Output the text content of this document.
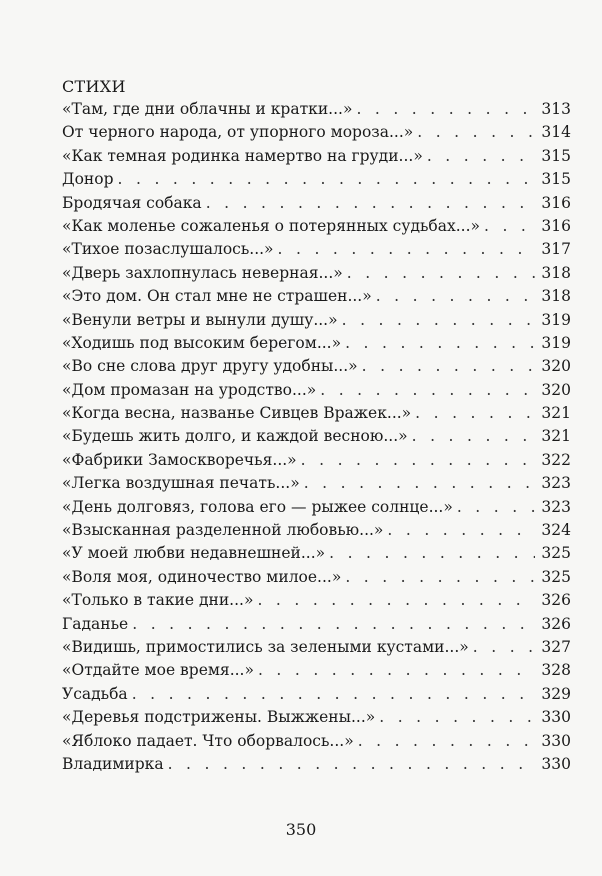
СТИХИ
«Там, где дни облачны и кратки...» . . .	313
От черного народа, от упорного мороза...» . . .	314
«Как темная родинка намертво на груди...» . . .	315
Донор . . .	315
Бродячая собака . . .	316
«Как моленье сожаленья о потерянных судьбах...» . . .	316
«Тихое позаслушалось...» . . .	317
«Дверь захлопнулась неверная...» . . .	318
«Это дом. Он стал мне не страшен...» . . .	318
«Венули ветры и вынули душу...» . . .	319
«Ходишь под высоким берегом...» . . .	319
«Во сне слова друг другу удобны...» . . .	320
«Дом промазан на уродство...» . . .	320
«Когда весна, названье Сивцев Вражек...» . . .	321
«Будешь жить долго, и каждой весною...» . . .	321
«Фабрики Замоскворечья...» . . .	322
«Легка воздушная печать...» . . .	323
«День долговяз, голова его — рыжее солнце...» . . .	323
«Взысканная разделенной любовью...» . . .	324
«У моей любви недавнешней...» . . .	325
«Воля моя, одиночество милое...» . . .	325
«Только в такие дни...» . . .	326
Гаданье . . .	326
«Видишь, примостились за зелеными кустами...» . . .	327
«Отдайте мое время...» . . .	328
Усадьба . . .	329
«Деревья подстрижены. Выжжены...» . . .	330
«Яблоко падает. Что оборвалось...» . . .	330
Владимирка . . .	330
350
